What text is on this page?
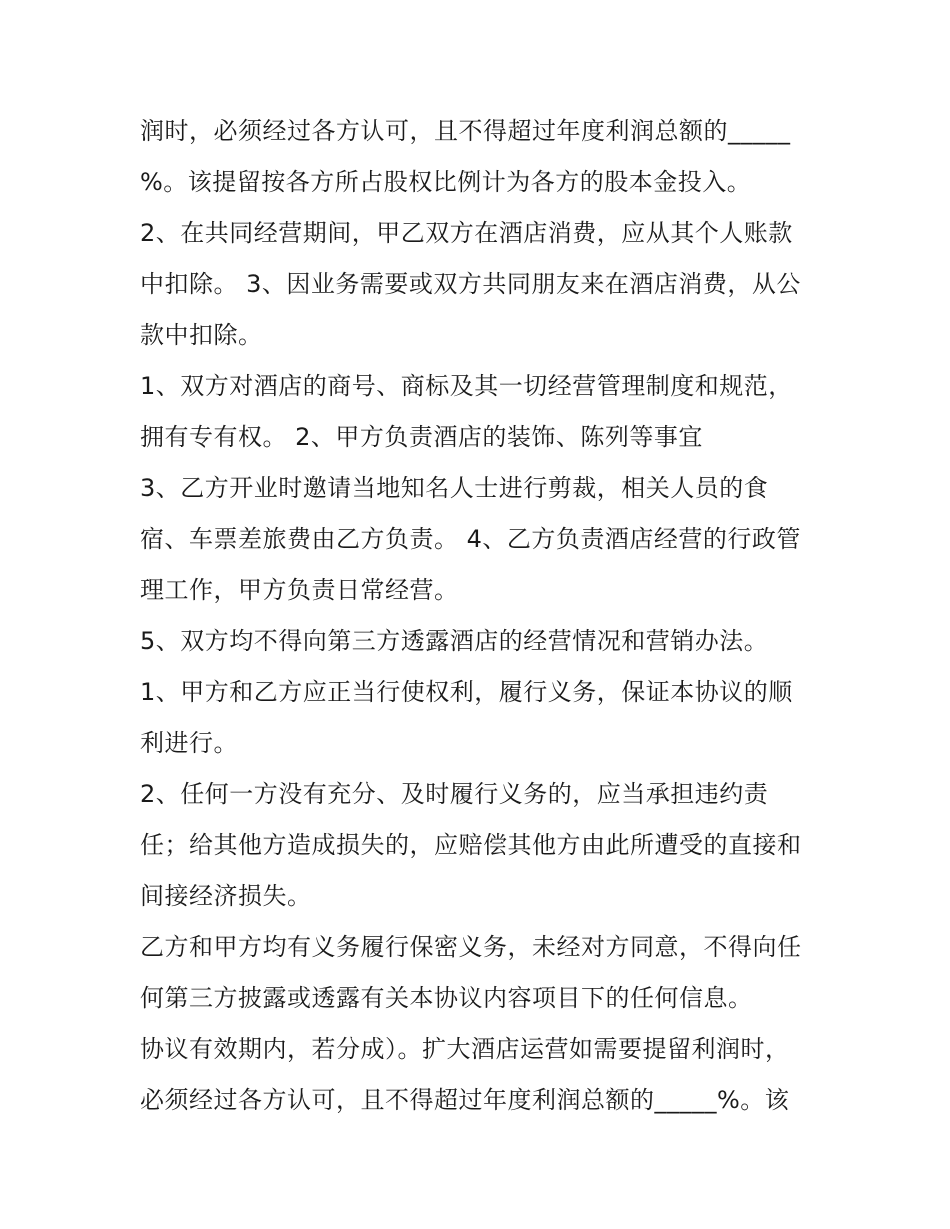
润时，必须经过各方认可，且不得超过年度利润总额的_____
%。该提留按各方所占股权比例计为各方的股本金投入。
2、在共同经营期间，甲乙双方在酒店消费，应从其个人账款
中扣除。 3、因业务需要或双方共同朋友来在酒店消费，从公
款中扣除。
1、双方对酒店的商号、商标及其一切经营管理制度和规范，
拥有专有权。 2、甲方负责酒店的装饰、陈列等事宜
3、乙方开业时邀请当地知名人士进行剪裁，相关人员的食
宿、车票差旅费由乙方负责。 4、乙方负责酒店经营的行政管
理工作，甲方负责日常经营。
5、双方均不得向第三方透露酒店的经营情况和营销办法。
1、甲方和乙方应正当行使权利，履行义务，保证本协议的顺
利进行。
2、任何一方没有充分、及时履行义务的，应当承担违约责
任；给其他方造成损失的，应赔偿其他方由此所遭受的直接和
间接经济损失。
乙方和甲方均有义务履行保密义务，未经对方同意，不得向任
何第三方披露或透露有关本协议内容项目下的任何信息。
协议有效期内，若分成）。扩大酒店运营如需要提留利润时，
必须经过各方认可，且不得超过年度利润总额的_____%。该
